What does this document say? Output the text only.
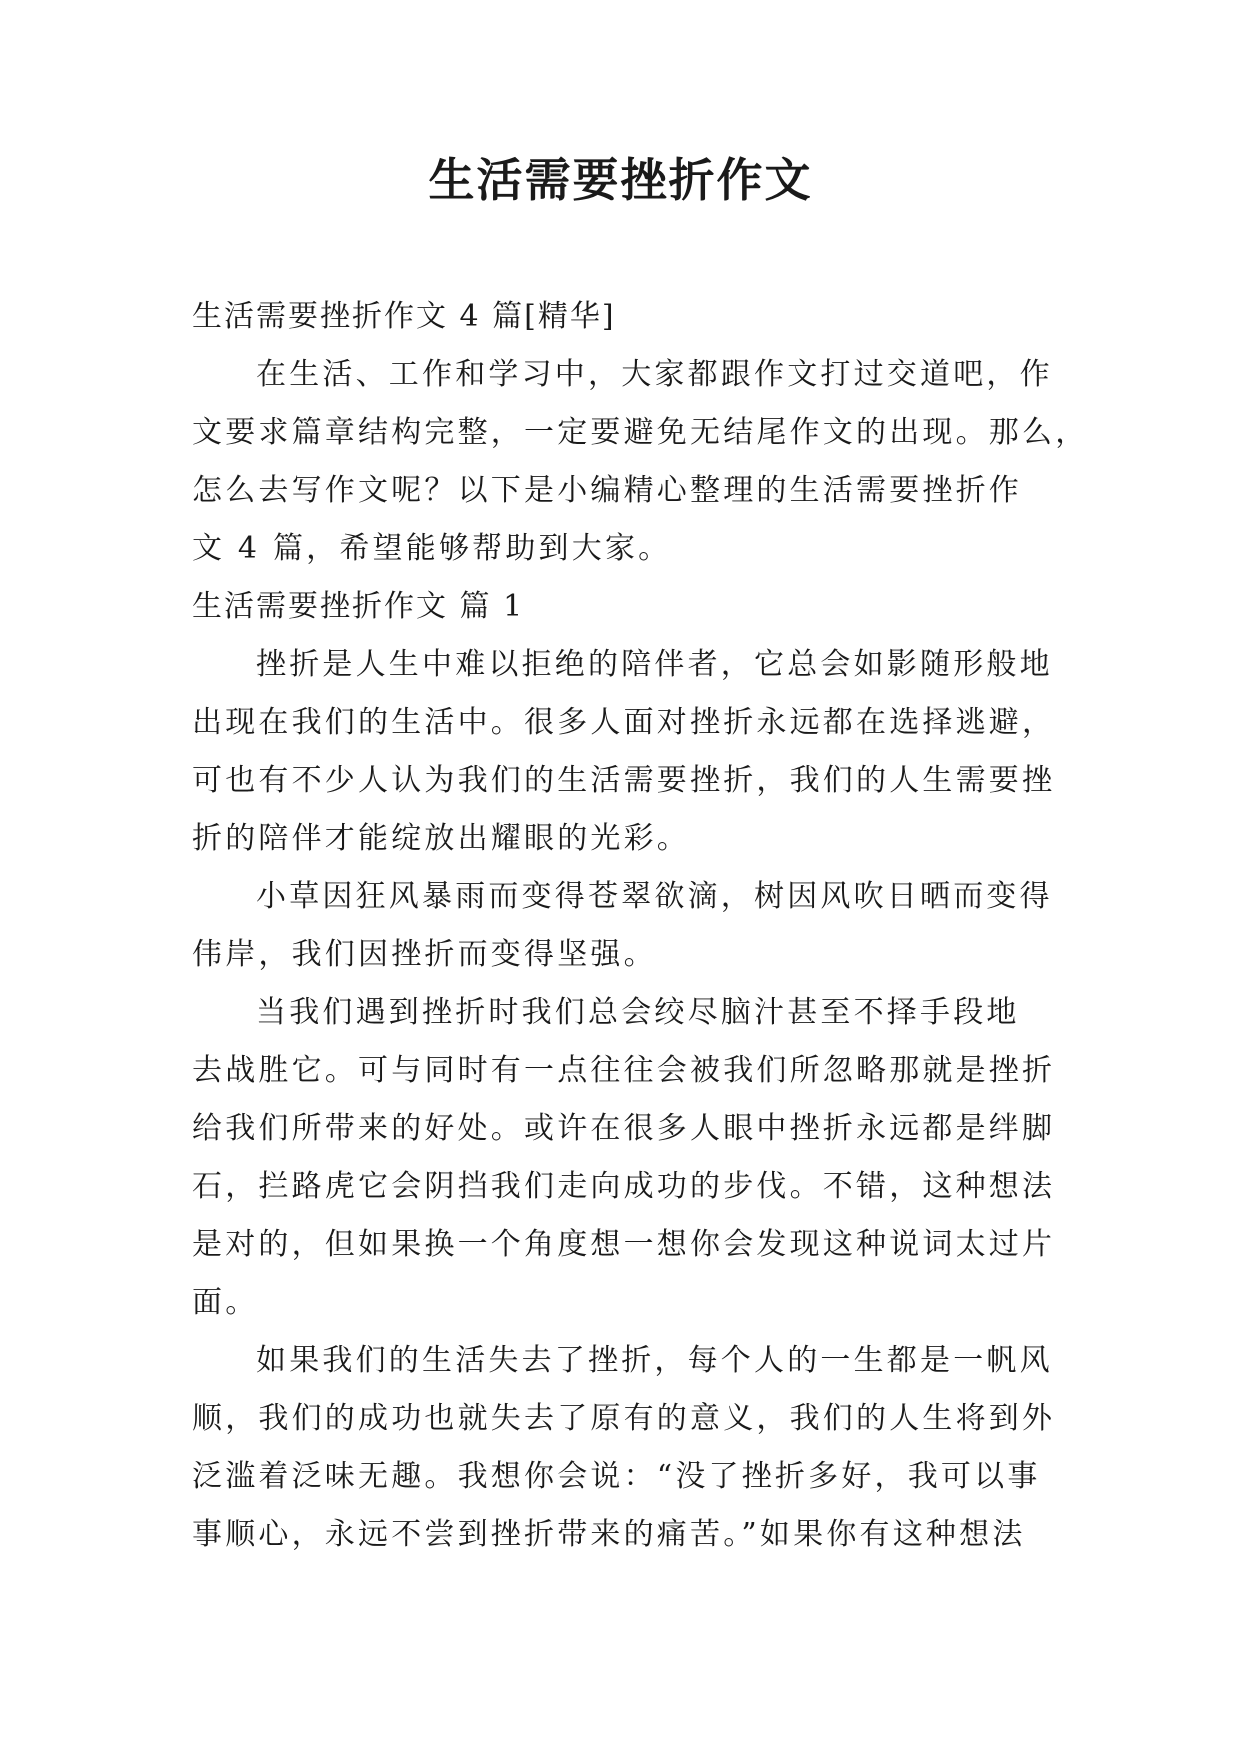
生活需要挫折作文
生活需要挫折作文 4 篇[精华]
在生活、工作和学习中，大家都跟作文打过交道吧，作
文要求篇章结构完整，一定要避免无结尾作文的出现。那么，
怎么去写作文呢？以下是小编精心整理的生活需要挫折作
文 4 篇，希望能够帮助到大家。
生活需要挫折作文 篇 1
挫折是人生中难以拒绝的陪伴者，它总会如影随形般地
出现在我们的生活中。很多人面对挫折永远都在选择逃避，
可也有不少人认为我们的生活需要挫折，我们的人生需要挫
折的陪伴才能绽放出耀眼的光彩。
小草因狂风暴雨而变得苍翠欲滴，树因风吹日晒而变得
伟岸，我们因挫折而变得坚强。
当我们遇到挫折时我们总会绞尽脑汁甚至不择手段地
去战胜它。可与同时有一点往往会被我们所忽略那就是挫折
给我们所带来的好处。或许在很多人眼中挫折永远都是绊脚
石，拦路虎它会阴挡我们走向成功的步伐。不错，这种想法
是对的，但如果换一个角度想一想你会发现这种说词太过片
面。
如果我们的生活失去了挫折，每个人的一生都是一帆风
顺，我们的成功也就失去了原有的意义，我们的人生将到外
泛滥着泛味无趣。我想你会说：“没了挫折多好，我可以事
事顺心，永远不尝到挫折带来的痛苦。”如果你有这种想法
